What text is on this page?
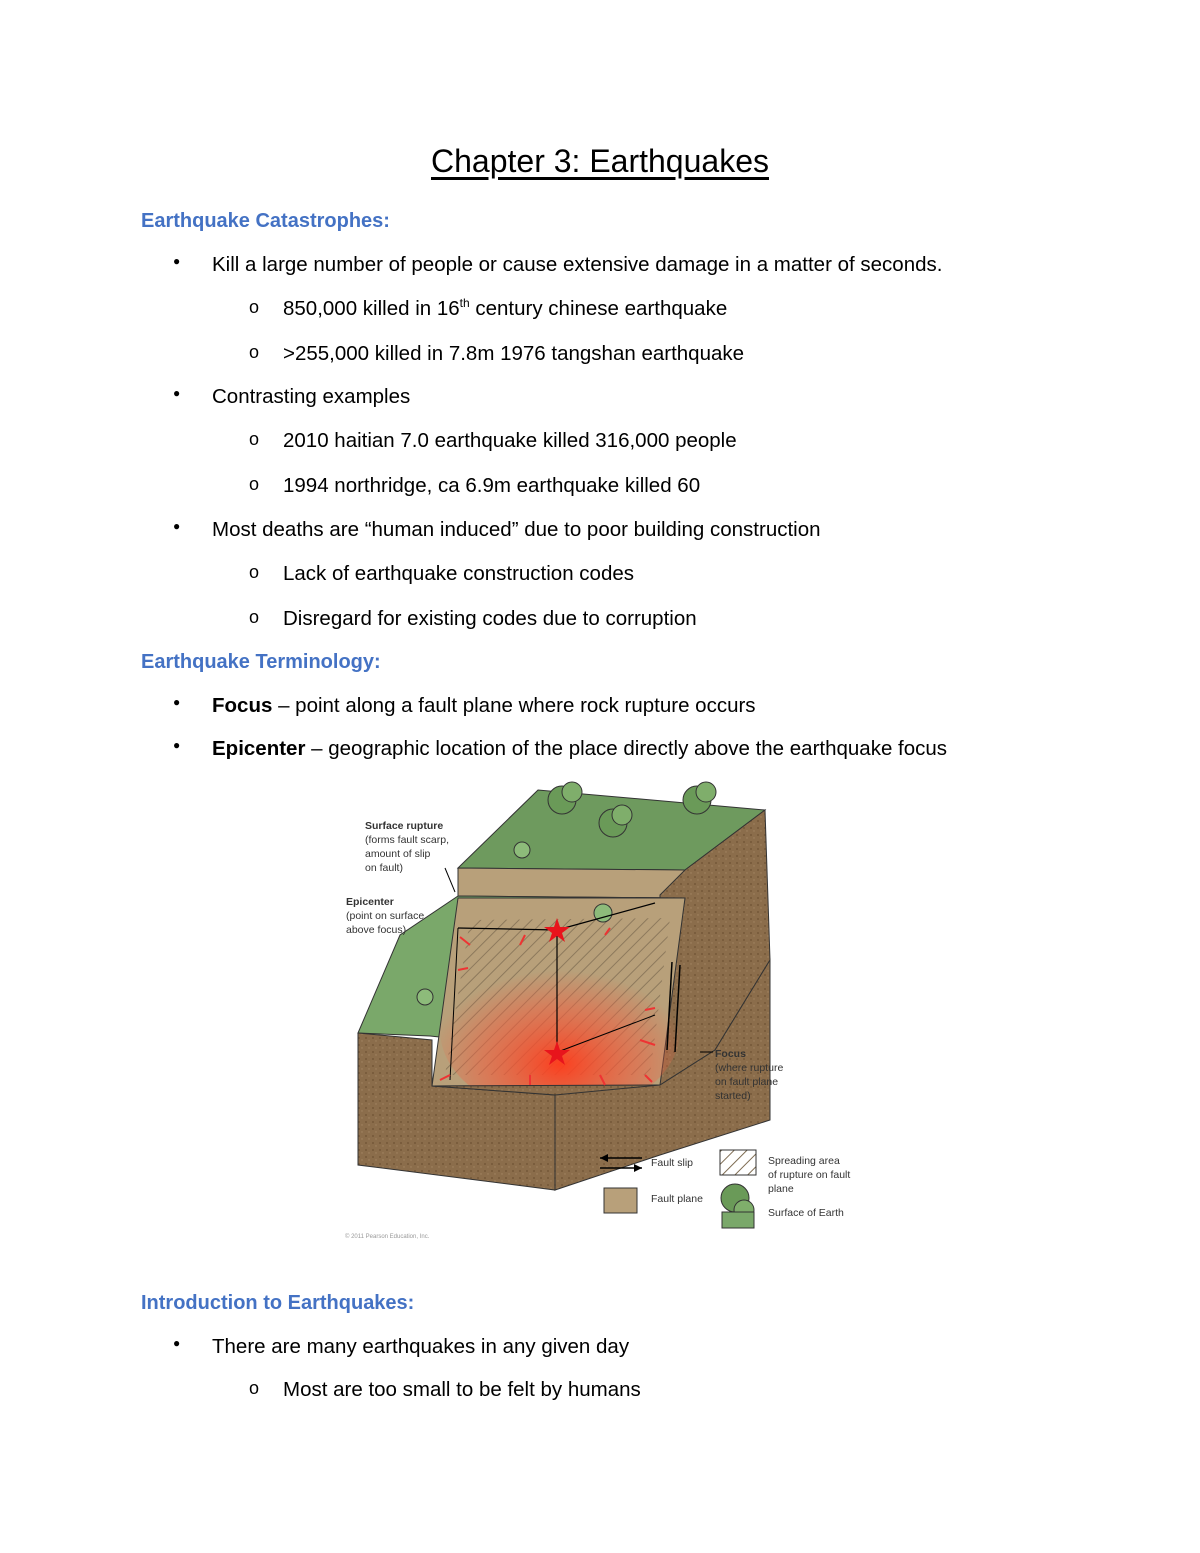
Chapter 3: Earthquakes
Earthquake Catastrophes:
● Kill a large number of people or cause extensive damage in a matter of seconds.
o 850,000 killed in 16th century chinese earthquake
o >255,000 killed in 7.8m 1976 tangshan earthquake
● Contrasting examples
o 2010 haitian 7.0 earthquake killed 316,000 people
o 1994 northridge, ca 6.9m earthquake killed 60
● Most deaths are “human induced” due to poor building construction
o Lack of earthquake construction codes
o Disregard for existing codes due to corruption
Earthquake Terminology:
● Focus – point along a fault plane where rock rupture occurs
● Epicenter – geographic location of the place directly above the earthquake focus
Surface rupture
(forms fault scarp,
amount of slip
on fault)
Epicenter
(point on surface
above focus)
Focus
(where rupture
on fault plane
started)
Fault slip
Fault plane
Spreading area
of rupture on fault
plane
Surface of Earth
© 2011 Pearson Education, Inc.
Introduction to Earthquakes:
● There are many earthquakes in any given day
o Most are too small to be felt by humans
